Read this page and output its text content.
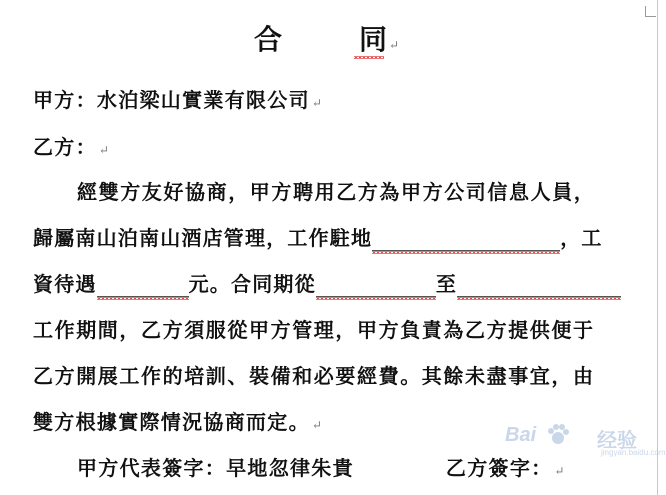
合	同 ↵
甲方：水泊梁山實業有限公司 ↵
乙方： ↵
經雙方友好協商，甲方聘用乙方為甲方公司信息人員，
歸屬南山泊南山酒店管理，工作駐地	，工
資待遇	元。合同期從	至
工作期間，乙方須服從甲方管理，甲方負責為乙方提供便于
乙方開展工作的培訓、裝備和必要經費。其餘未盡事宜，由
雙方根據實際情況協商而定。 ↵
甲方代表簽字：早地忽律朱貴	乙方簽字： ↵
Bai	经验
jingyan.baidu.com
